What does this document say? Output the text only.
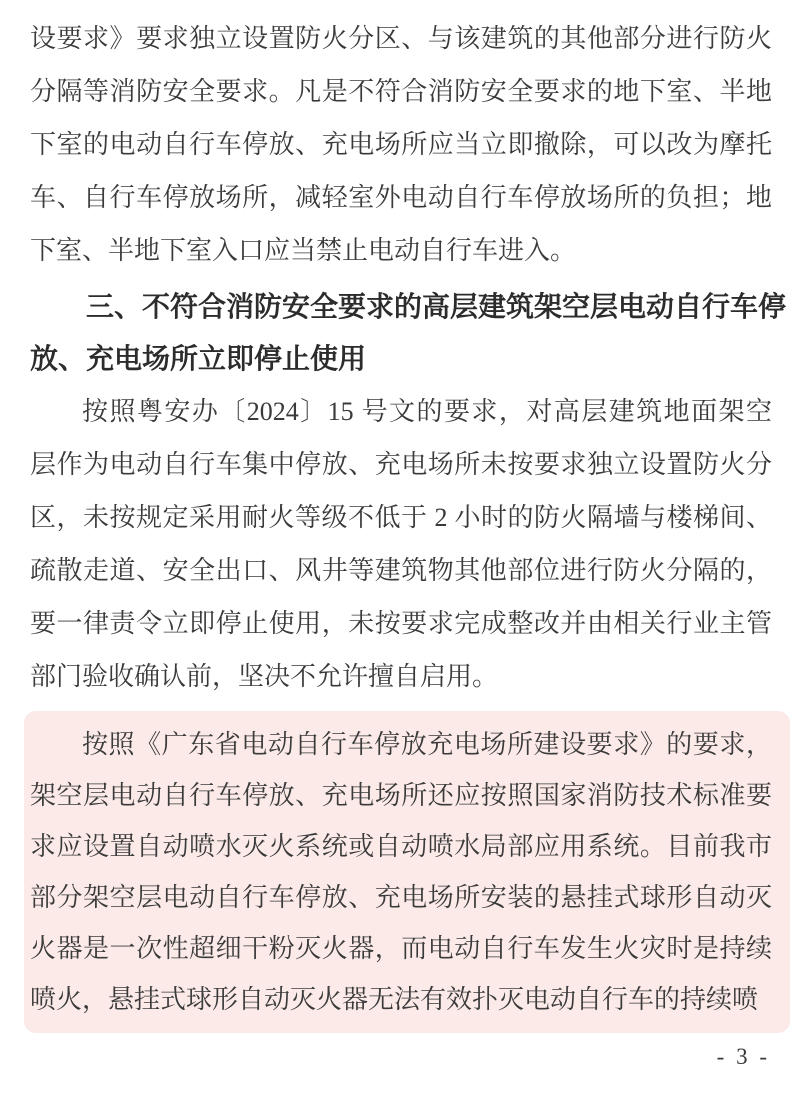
设要求》要求独立设置防火分区、与该建筑的其他部分进行防火
分隔等消防安全要求。凡是不符合消防安全要求的地下室、半地
下室的电动自行车停放、充电场所应当立即撤除，可以改为摩托
车、自行车停放场所，减轻室外电动自行车停放场所的负担；地
下室、半地下室入口应当禁止电动自行车进入。
三、不符合消防安全要求的高层建筑架空层电动自行车停
放、充电场所立即停止使用
按照粤安办〔2024〕15 号文的要求，对高层建筑地面架空
层作为电动自行车集中停放、充电场所未按要求独立设置防火分
区，未按规定采用耐火等级不低于 2 小时的防火隔墙与楼梯间、
疏散走道、安全出口、风井等建筑物其他部位进行防火分隔的，
要一律责令立即停止使用，未按要求完成整改并由相关行业主管
部门验收确认前，坚决不允许擅自启用。
按照《广东省电动自行车停放充电场所建设要求》的要求，
架空层电动自行车停放、充电场所还应按照国家消防技术标准要
求应设置自动喷水灭火系统或自动喷水局部应用系统。目前我市
部分架空层电动自行车停放、充电场所安装的悬挂式球形自动灭
火器是一次性超细干粉灭火器，而电动自行车发生火灾时是持续
喷火，悬挂式球形自动灭火器无法有效扑灭电动自行车的持续喷
- 3 -
